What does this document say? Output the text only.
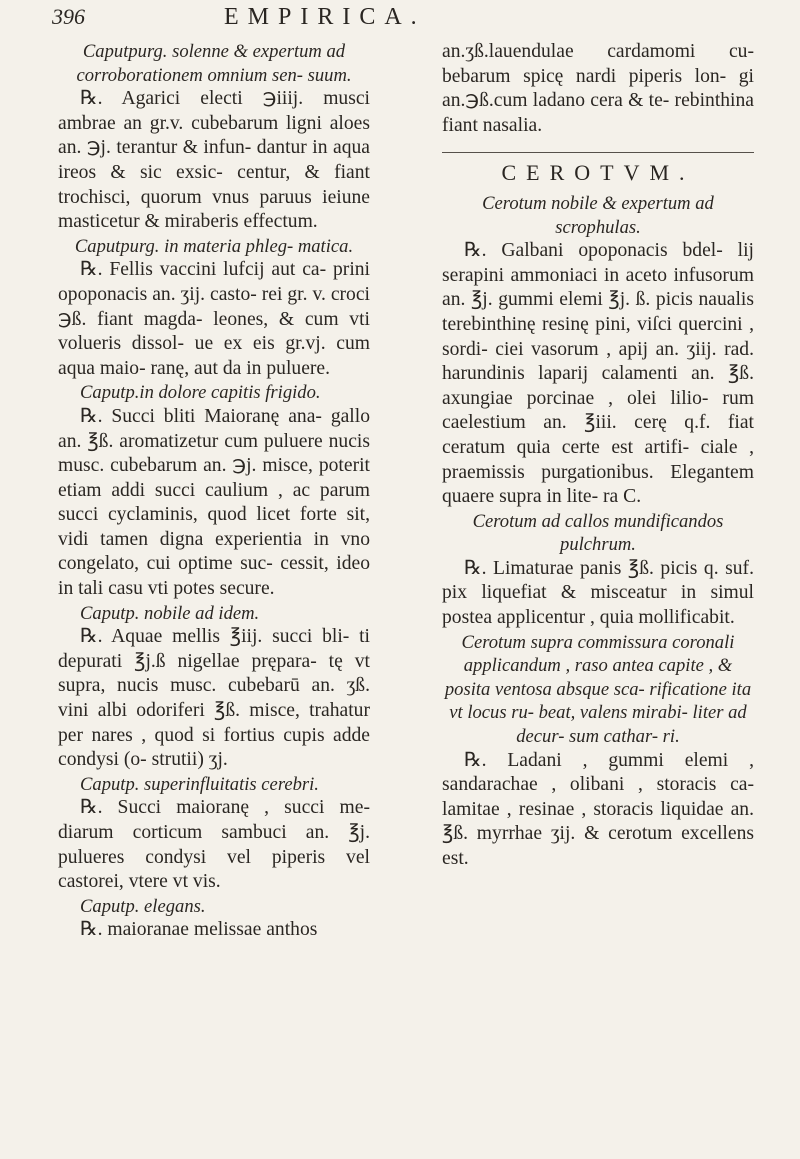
396	EMPIRICA.

Caputpurg. solenne & expertum ad corroborationem omnium sen- suum.

℞. Agarici electi ℈iiij. musci ambrae an gr.v. cubebarum ligni aloes an. ℈j. terantur & infun- dantur in aqua ireos & sic exsic- centur, & fiant trochisci, quorum vnus paruus ieiune masticetur & miraberis effectum.

Caputpurg. in materia phleg- matica.

℞. Fellis vaccini lufcij aut ca- prini opoponacis an. ʒij. casto- rei gr. v. croci ℈ß. fiant magda- leones, & cum vti volueris dissol- ue ex eis gr.vj. cum aqua maio- ranę, aut da in puluere.

Caputp.in dolore capitis frigido.

℞. Succi bliti Maioranę ana- gallo an. ℥ß. aromatizetur cum puluere nucis musc. cubebarum an. ℈j. misce, poterit etiam addi succi caulium , ac parum succi cyclaminis, quod licet forte sit, vidi tamen digna experientia in vno congelato, cui optime suc- cessit, ideo in tali casu vti potes secure.

Caputp. nobile ad idem.

℞. Aquae mellis ℥iij. succi bli- ti depurati ℥j.ß nigellae prępara- tę vt supra, nucis musc. cubebarū an. ʒß. vini albi odoriferi ℥ß. misce, trahatur per nares , quod si fortius cupis adde condysi (o- strutii) ʒj.

Caputp. superinfluitatis cerebri.

℞. Succi maioranę , succi me- diarum corticum sambuci an. ℥j. pulueres condysi vel piperis vel castorei, vtere vt vis.

Caputp. elegans.

℞. maioranae melissae anthos

an.ʒß.lauendulae cardamomi cu- bebarum spicę nardi piperis lon- gi an.℈ß.cum ladano cera & te- rebinthina fiant nasalia.

CEROTVM.

Cerotum nobile & expertum ad scrophulas.

℞. Galbani opoponacis bdel- lij serapini ammoniaci in aceto infusorum an. ℥j. gummi elemi ℥j. ß. picis naualis terebinthinę resinę pini, viſci quercini , sordi- ciei vasorum , apij an. ʒiij. rad. harundinis laparij calamenti an. ℥ß. axungiae porcinae , olei lilio- rum caelestium an. ℥iii. cerę q.f. fiat ceratum quia certe est artifi- ciale , praemissis purgationibus. Elegantem quaere supra in lite- ra C.

Cerotum ad callos mundificandos pulchrum.

℞. Limaturae panis ℥ß. picis q. suf. pix liquefiat & misceatur in simul postea applicentur , quia mollificabit.

Cerotum supra commissura coronali applicandum , raso antea capite , & posita ventosa absque sca- rificatione ita vt locus ru- beat, valens mirabi- liter ad decur- sum cathar- ri.

℞. Ladani , gummi elemi , sandarachae , olibani , storacis ca- lamitae , resinae , storacis liquidae an. ℥ß. myrrhae ʒij. & cerotum excellens est.
